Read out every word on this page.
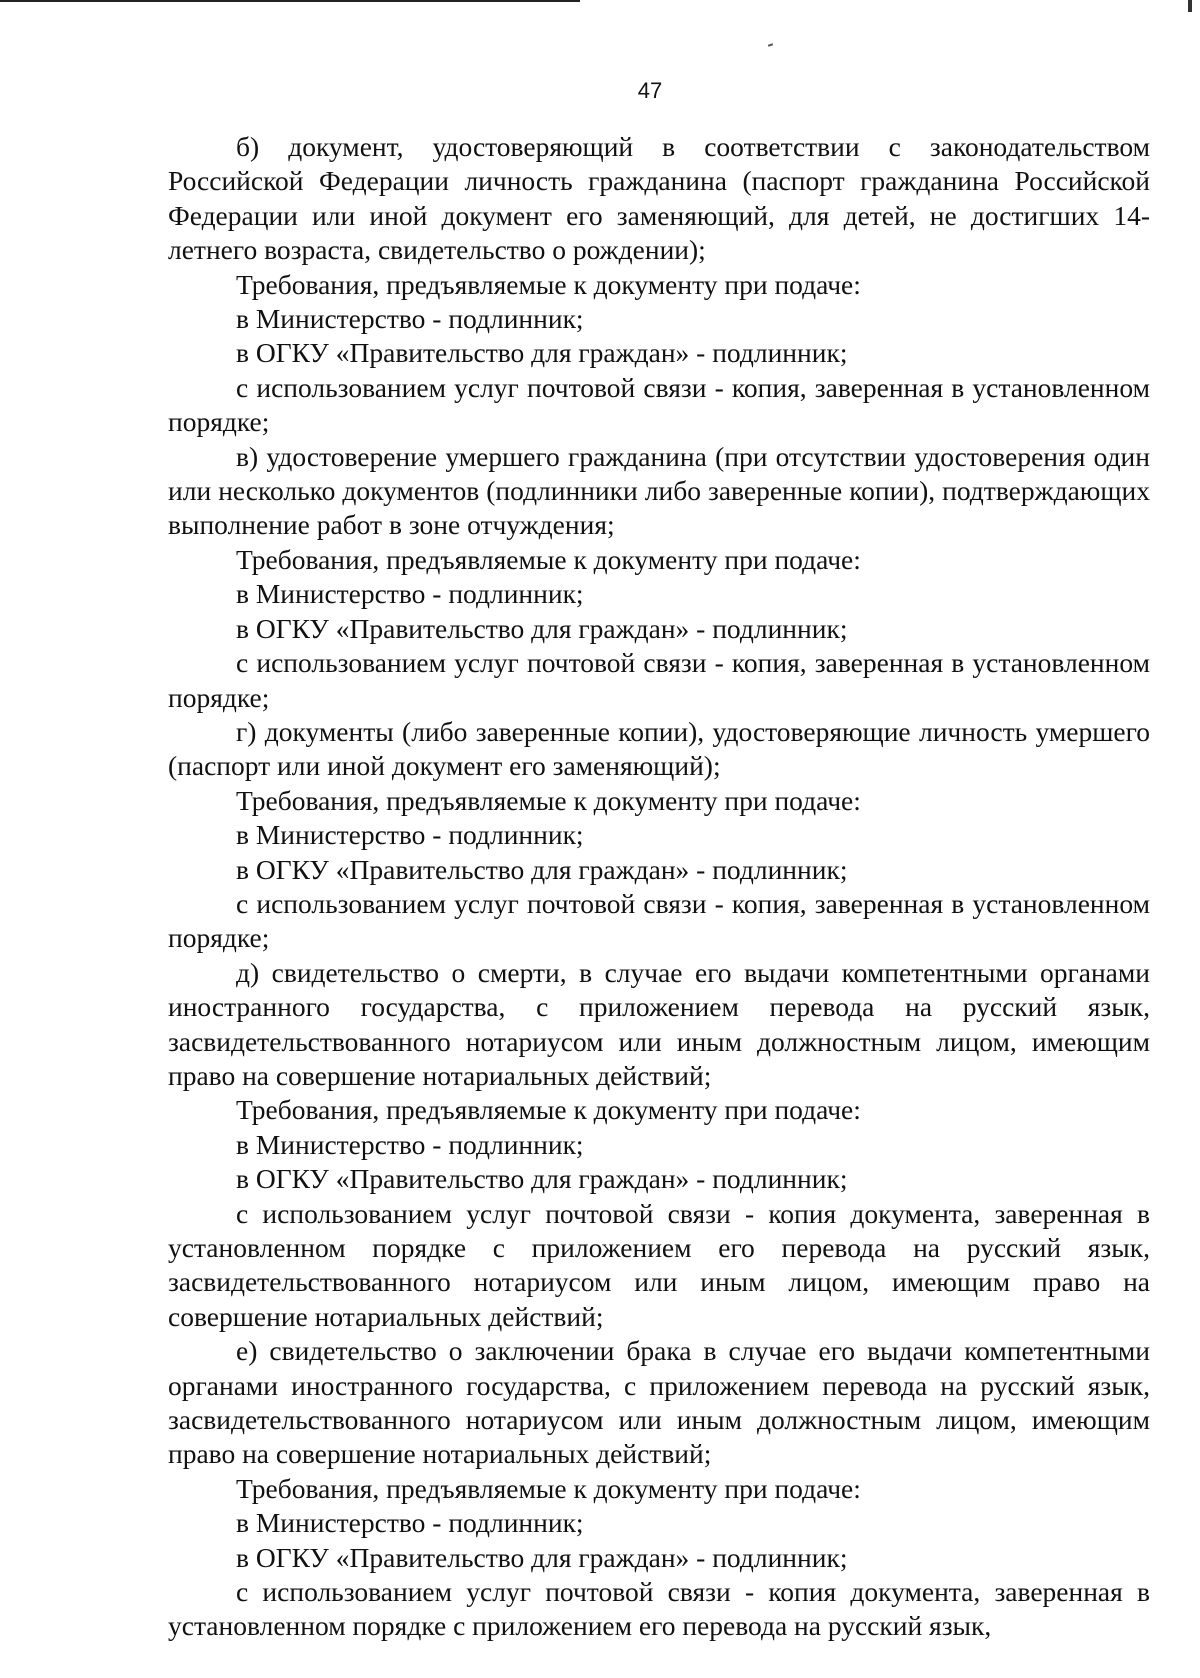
47

б) документ, удостоверяющий в соответствии с законодательством Российской Федерации личность гражданина (паспорт гражданина Российской Федерации или иной документ его заменяющий, для детей, не достигших 14-летнего возраста, свидетельство о рождении);

Требования, предъявляемые к документу при подаче:

в Министерство - подлинник;

в ОГКУ «Правительство для граждан» - подлинник;

с использованием услуг почтовой связи - копия, заверенная в установленном порядке;

в) удостоверение умершего гражданина (при отсутствии удостоверения один или несколько документов (подлинники либо заверенные копии), подтверждающих выполнение работ в зоне отчуждения;

Требования, предъявляемые к документу при подаче:

в Министерство - подлинник;

в ОГКУ «Правительство для граждан» - подлинник;

с использованием услуг почтовой связи - копия, заверенная в установленном порядке;

г) документы (либо заверенные копии), удостоверяющие личность умершего (паспорт или иной документ его заменяющий);

Требования, предъявляемые к документу при подаче:

в Министерство - подлинник;

в ОГКУ «Правительство для граждан» - подлинник;

с использованием услуг почтовой связи - копия, заверенная в установленном порядке;

д) свидетельство о смерти, в случае его выдачи компетентными органами иностранного государства, с приложением перевода на русский язык, засвидетельствованного нотариусом или иным должностным лицом, имеющим право на совершение нотариальных действий;

Требования, предъявляемые к документу при подаче:

в Министерство - подлинник;

в ОГКУ «Правительство для граждан» - подлинник;

с использованием услуг почтовой связи - копия документа, заверенная в установленном порядке с приложением его перевода на русский язык, засвидетельствованного нотариусом или иным лицом, имеющим право на совершение нотариальных действий;

е) свидетельство о заключении брака в случае его выдачи компетентными органами иностранного государства, с приложением перевода на русский язык, засвидетельствованного нотариусом или иным должностным лицом, имеющим право на совершение нотариальных действий;

Требования, предъявляемые к документу при подаче:

в Министерство - подлинник;

в ОГКУ «Правительство для граждан» - подлинник;

с использованием услуг почтовой связи - копия документа, заверенная в установленном порядке с приложением его перевода на русский язык,
